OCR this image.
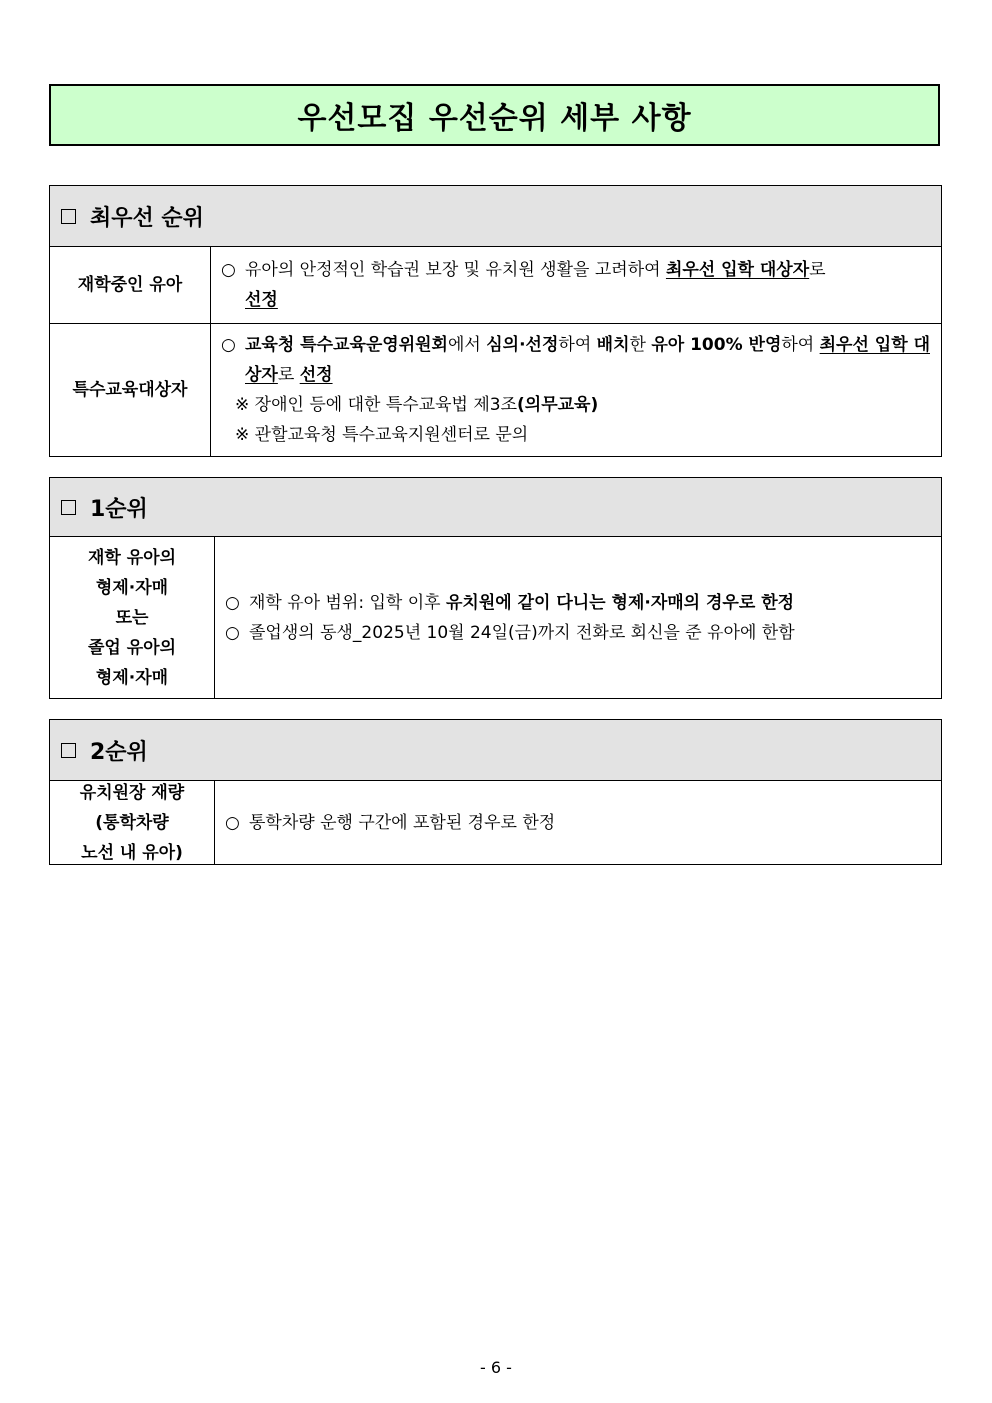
우선모집 우선순위 세부 사항
최우선 순위
재학중인 유아
○ 유아의 안정적인 학습권 보장 및 유치원 생활을 고려하여 최우선 입학 대상자로
선정
특수교육대상자
○ 교육청 특수교육운영위원회에서 심의·선정하여 배치한 유아 100% 반영하여 최우선 입학 대상자로 선정
※ 장애인 등에 대한 특수교육법 제3조(의무교육)
※ 관할교육청 특수교육지원센터로 문의
1순위
재학 유아의
형제·자매
또는
졸업 유아의
형제·자매
○ 재학 유아 범위: 입학 이후 유치원에 같이 다니는 형제·자매의 경우로 한정
○ 졸업생의 동생_2025년 10월 24일(금)까지 전화로 회신을 준 유아에 한함
2순위
유치원장 재량
(통학차량
노선 내 유아)
○ 통학차량 운행 구간에 포함된 경우로 한정
- 6 -
